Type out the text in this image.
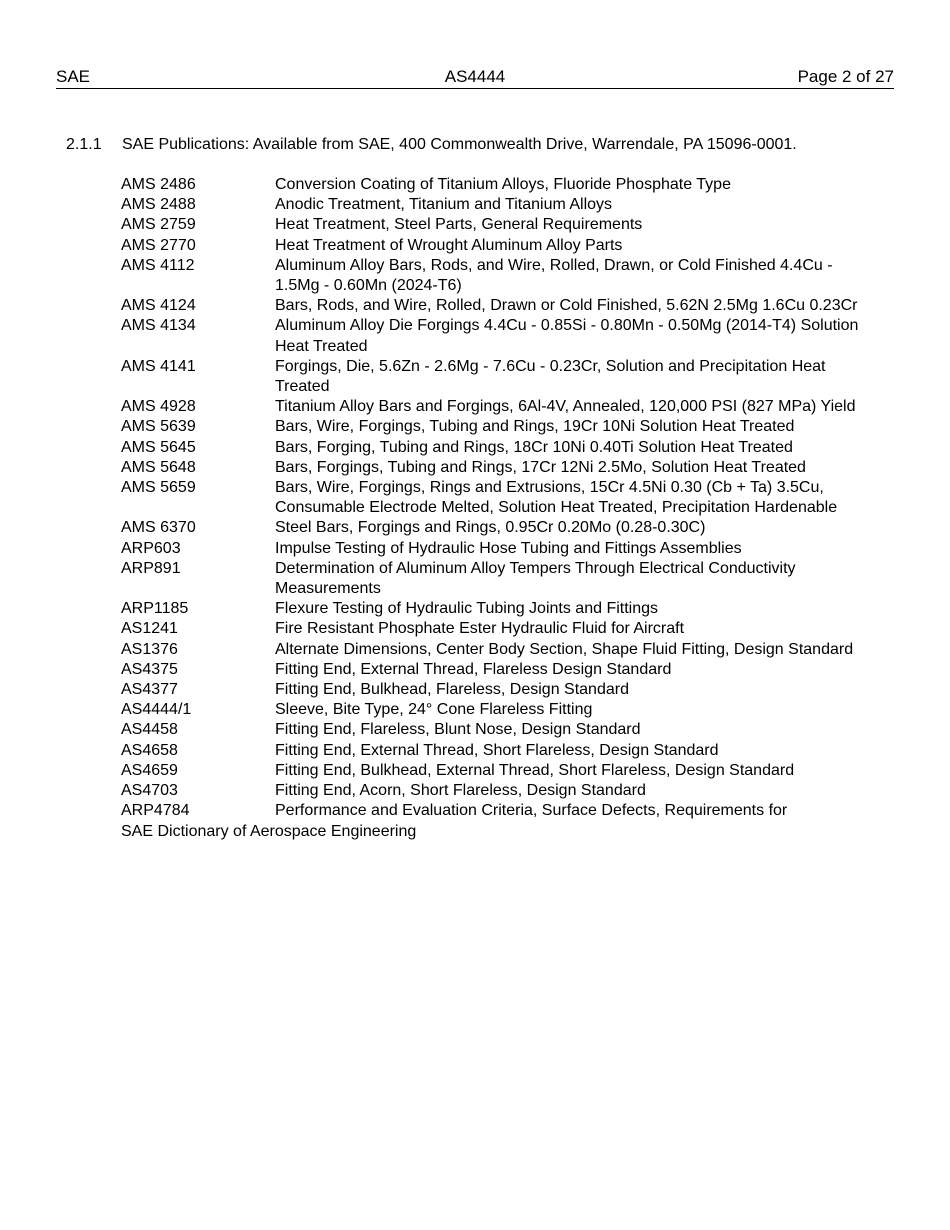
SAE	AS4444	Page 2 of 27
2.1.1 SAE Publications: Available from SAE, 400 Commonwealth Drive, Warrendale, PA 15096-0001.
AMS 2486	Conversion Coating of Titanium Alloys, Fluoride Phosphate Type
AMS 2488	Anodic Treatment, Titanium and Titanium Alloys
AMS 2759	Heat Treatment, Steel Parts, General Requirements
AMS 2770	Heat Treatment of Wrought Aluminum Alloy Parts
AMS 4112	Aluminum Alloy Bars, Rods, and Wire, Rolled, Drawn, or Cold Finished 4.4Cu - 1.5Mg - 0.60Mn (2024-T6)
AMS 4124	Bars, Rods, and Wire, Rolled, Drawn or Cold Finished, 5.62N 2.5Mg 1.6Cu 0.23Cr
AMS 4134	Aluminum Alloy Die Forgings 4.4Cu - 0.85Si - 0.80Mn - 0.50Mg (2014-T4) Solution Heat Treated
AMS 4141	Forgings, Die, 5.6Zn - 2.6Mg - 7.6Cu - 0.23Cr, Solution and Precipitation Heat Treated
AMS 4928	Titanium Alloy Bars and Forgings, 6Al-4V, Annealed, 120,000 PSI (827 MPa) Yield
AMS 5639	Bars, Wire, Forgings, Tubing and Rings, 19Cr 10Ni Solution Heat Treated
AMS 5645	Bars, Forging, Tubing and Rings, 18Cr 10Ni 0.40Ti Solution Heat Treated
AMS 5648	Bars, Forgings, Tubing and Rings, 17Cr 12Ni 2.5Mo, Solution Heat Treated
AMS 5659	Bars, Wire, Forgings, Rings and Extrusions, 15Cr 4.5Ni 0.30 (Cb + Ta) 3.5Cu, Consumable Electrode Melted, Solution Heat Treated, Precipitation Hardenable
AMS 6370	Steel Bars, Forgings and Rings, 0.95Cr 0.20Mo (0.28-0.30C)
ARP603	Impulse Testing of Hydraulic Hose Tubing and Fittings Assemblies
ARP891	Determination of Aluminum Alloy Tempers Through Electrical Conductivity Measurements
ARP1185	Flexure Testing of Hydraulic Tubing Joints and Fittings
AS1241	Fire Resistant Phosphate Ester Hydraulic Fluid for Aircraft
AS1376	Alternate Dimensions, Center Body Section, Shape Fluid Fitting, Design Standard
AS4375	Fitting End, External Thread, Flareless Design Standard
AS4377	Fitting End, Bulkhead, Flareless, Design Standard
AS4444/1	Sleeve, Bite Type, 24° Cone Flareless Fitting
AS4458	Fitting End, Flareless, Blunt Nose, Design Standard
AS4658	Fitting End, External Thread, Short Flareless, Design Standard
AS4659	Fitting End, Bulkhead, External Thread, Short Flareless, Design Standard
AS4703	Fitting End, Acorn, Short Flareless, Design Standard
ARP4784	Performance and Evaluation Criteria, Surface Defects, Requirements for
SAE Dictionary of Aerospace Engineering
